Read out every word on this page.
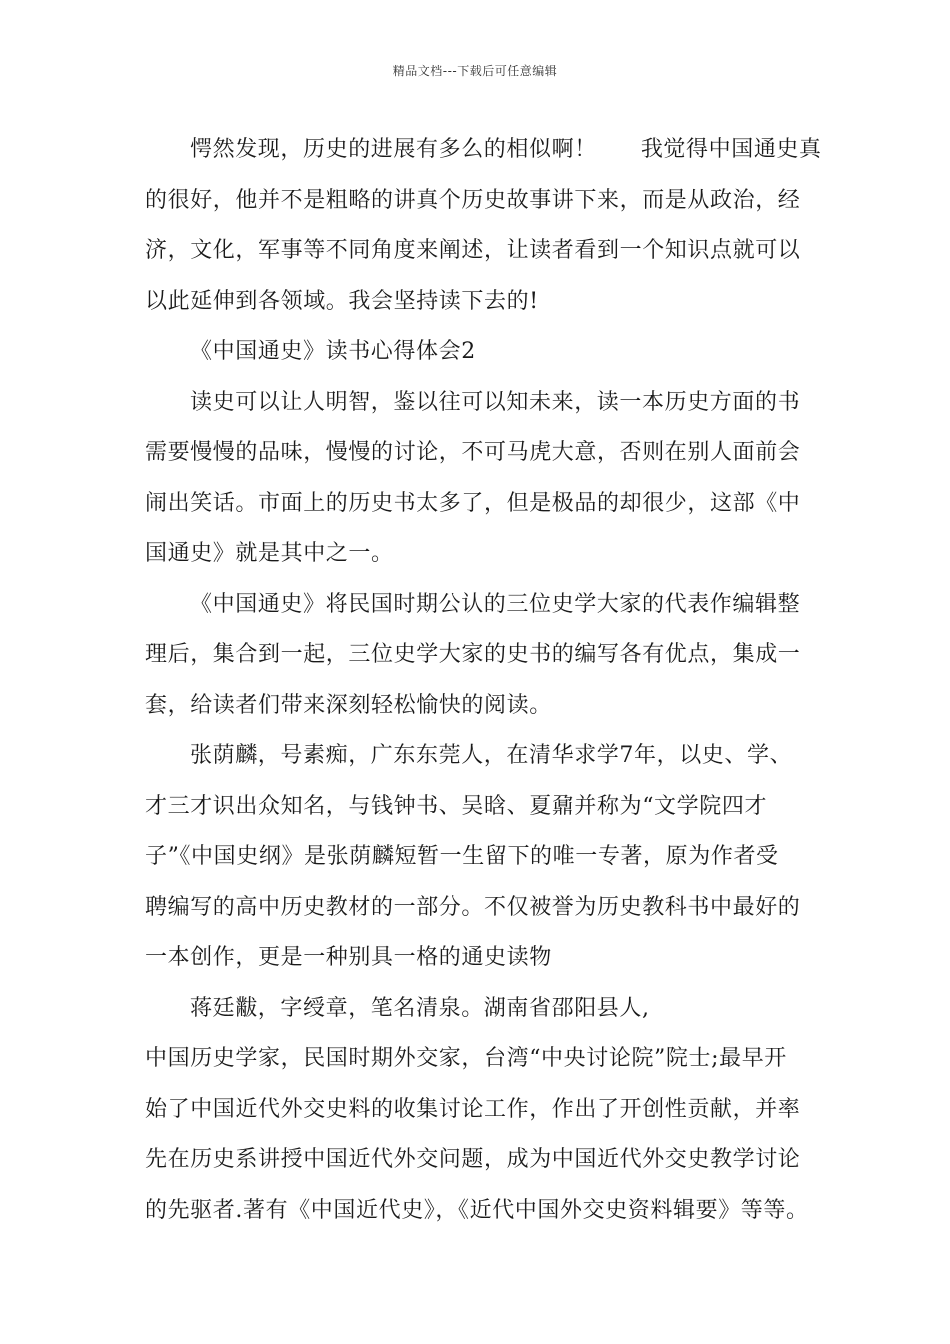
精品文档---下载后可任意编辑
愕然发现，历史的进展有多么的相似啊！ 我觉得中国通史真
的很好，他并不是粗略的讲真个历史故事讲下来，而是从政治，经
济，文化，军事等不同角度来阐述，让读者看到一个知识点就可以
以此延伸到各领域。我会坚持读下去的!
《中国通史》读书心得体会2
读史可以让人明智，鉴以往可以知未来，读一本历史方面的书
需要慢慢的品味，慢慢的讨论，不可马虎大意，否则在别人面前会
闹出笑话。市面上的历史书太多了，但是极品的却很少，这部《中
国通史》就是其中之一。
《中国通史》将民国时期公认的三位史学大家的代表作编辑整
理后，集合到一起，三位史学大家的史书的编写各有优点，集成一
套，给读者们带来深刻轻松愉快的阅读。
张荫麟，号素痴，广东东莞人，在清华求学7年，以史、学、
才三才识出众知名，与钱钟书、吴晗、夏鼐并称为“文学院四才
子”《中国史纲》是张荫麟短暂一生留下的唯一专著，原为作者受
聘编写的高中历史教材的一部分。不仅被誉为历史教科书中最好的
一本创作，更是一种别具一格的通史读物
蒋廷黻，字绶章，笔名清泉。湖南省邵阳县人,
中国历史学家，民国时期外交家，台湾“中央讨论院”院士;最早开
始了中国近代外交史料的收集讨论工作，作出了开创性贡献，并率
先在历史系讲授中国近代外交问题，成为中国近代外交史教学讨论
的先驱者.著有《中国近代史》，《近代中国外交史资料辑要》等等。
